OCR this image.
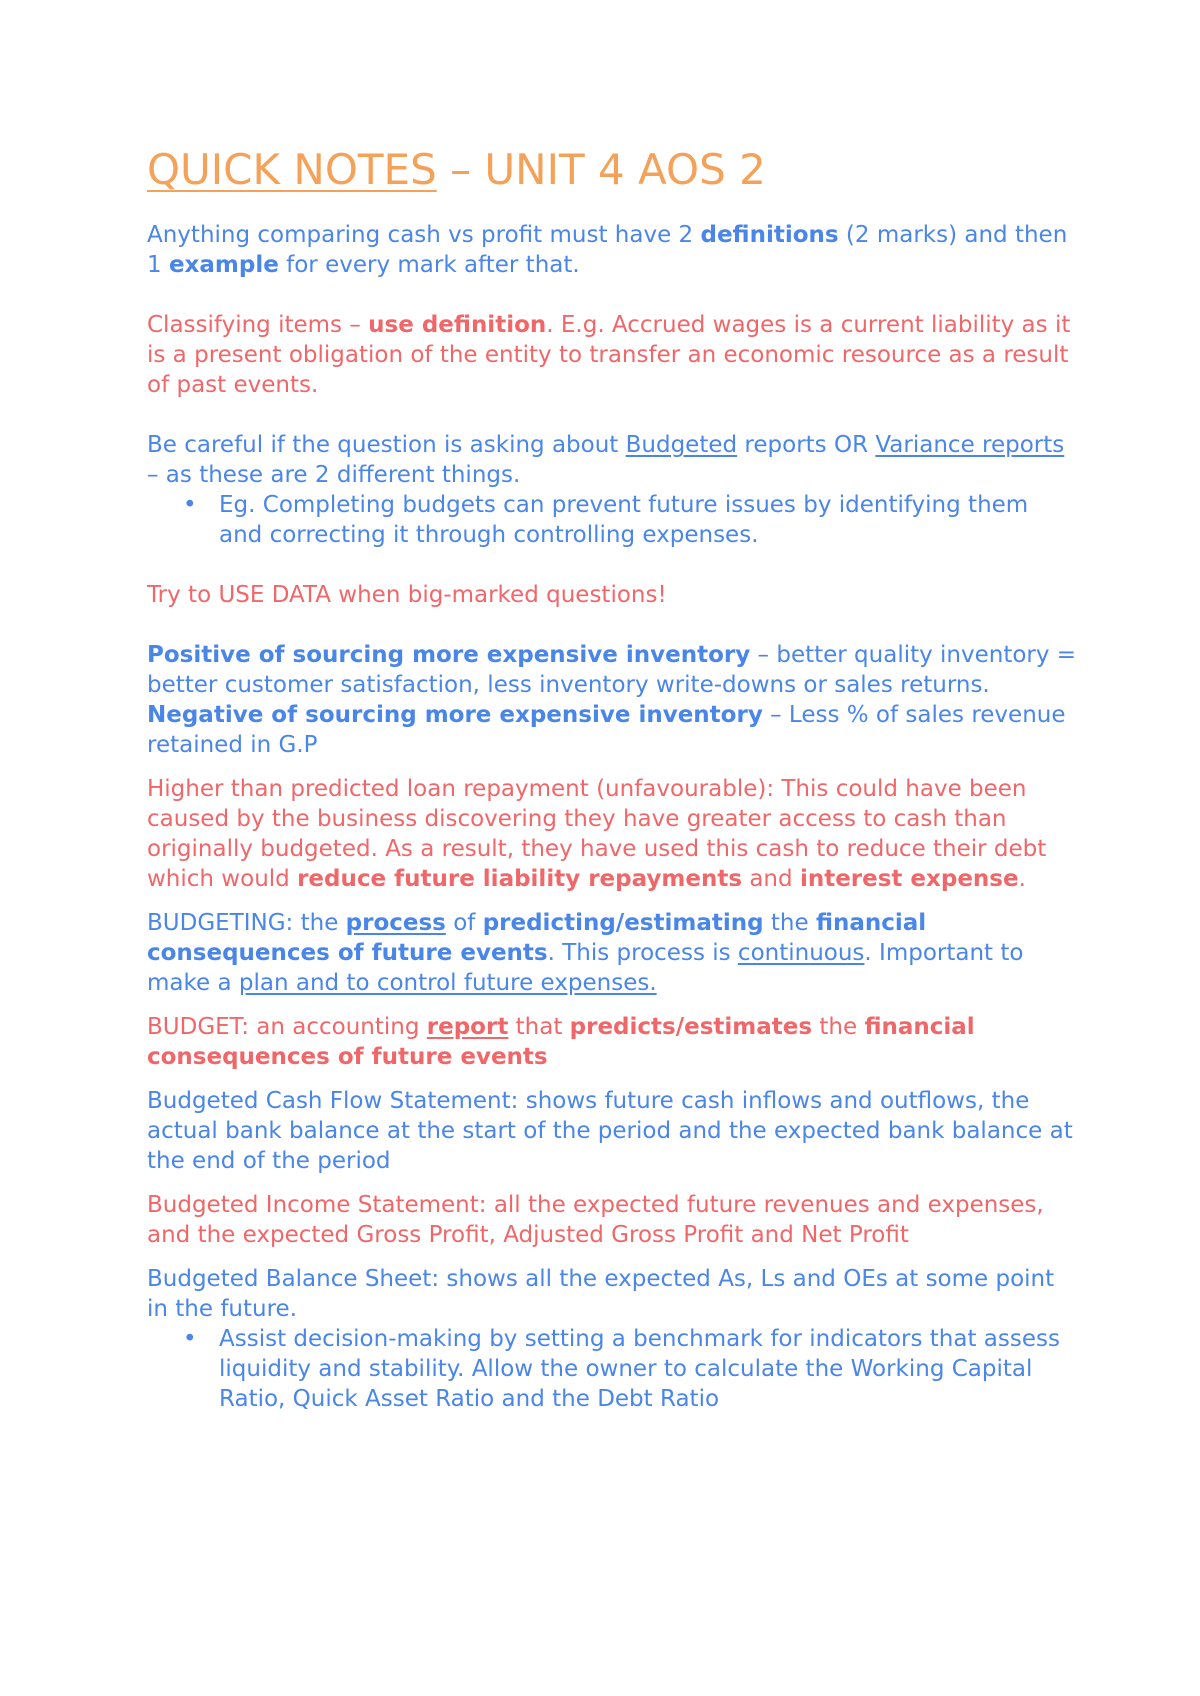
QUICK NOTES – UNIT 4 AOS 2

Anything comparing cash vs profit must have 2 definitions (2 marks) and then 1 example for every mark after that.

Classifying items – use definition. E.g. Accrued wages is a current liability as it is a present obligation of the entity to transfer an economic resource as a result of past events.

Be careful if the question is asking about Budgeted reports OR Variance reports – as these are 2 different things.

• Eg. Completing budgets can prevent future issues by identifying them and correcting it through controlling expenses.

Try to USE DATA when big-marked questions!

Positive of sourcing more expensive inventory – better quality inventory = better customer satisfaction, less inventory write-downs or sales returns.

Negative of sourcing more expensive inventory – Less % of sales revenue retained in G.P

Higher than predicted loan repayment (unfavourable): This could have been caused by the business discovering they have greater access to cash than originally budgeted. As a result, they have used this cash to reduce their debt which would reduce future liability repayments and interest expense.

BUDGETING: the process of predicting/estimating the financial consequences of future events. This process is continuous. Important to make a plan and to control future expenses.

BUDGET: an accounting report that predicts/estimates the financial consequences of future events

Budgeted Cash Flow Statement: shows future cash inflows and outflows, the actual bank balance at the start of the period and the expected bank balance at the end of the period

Budgeted Income Statement: all the expected future revenues and expenses, and the expected Gross Profit, Adjusted Gross Profit and Net Profit

Budgeted Balance Sheet: shows all the expected As, Ls and OEs at some point in the future.

• Assist decision-making by setting a benchmark for indicators that assess liquidity and stability. Allow the owner to calculate the Working Capital Ratio, Quick Asset Ratio and the Debt Ratio
